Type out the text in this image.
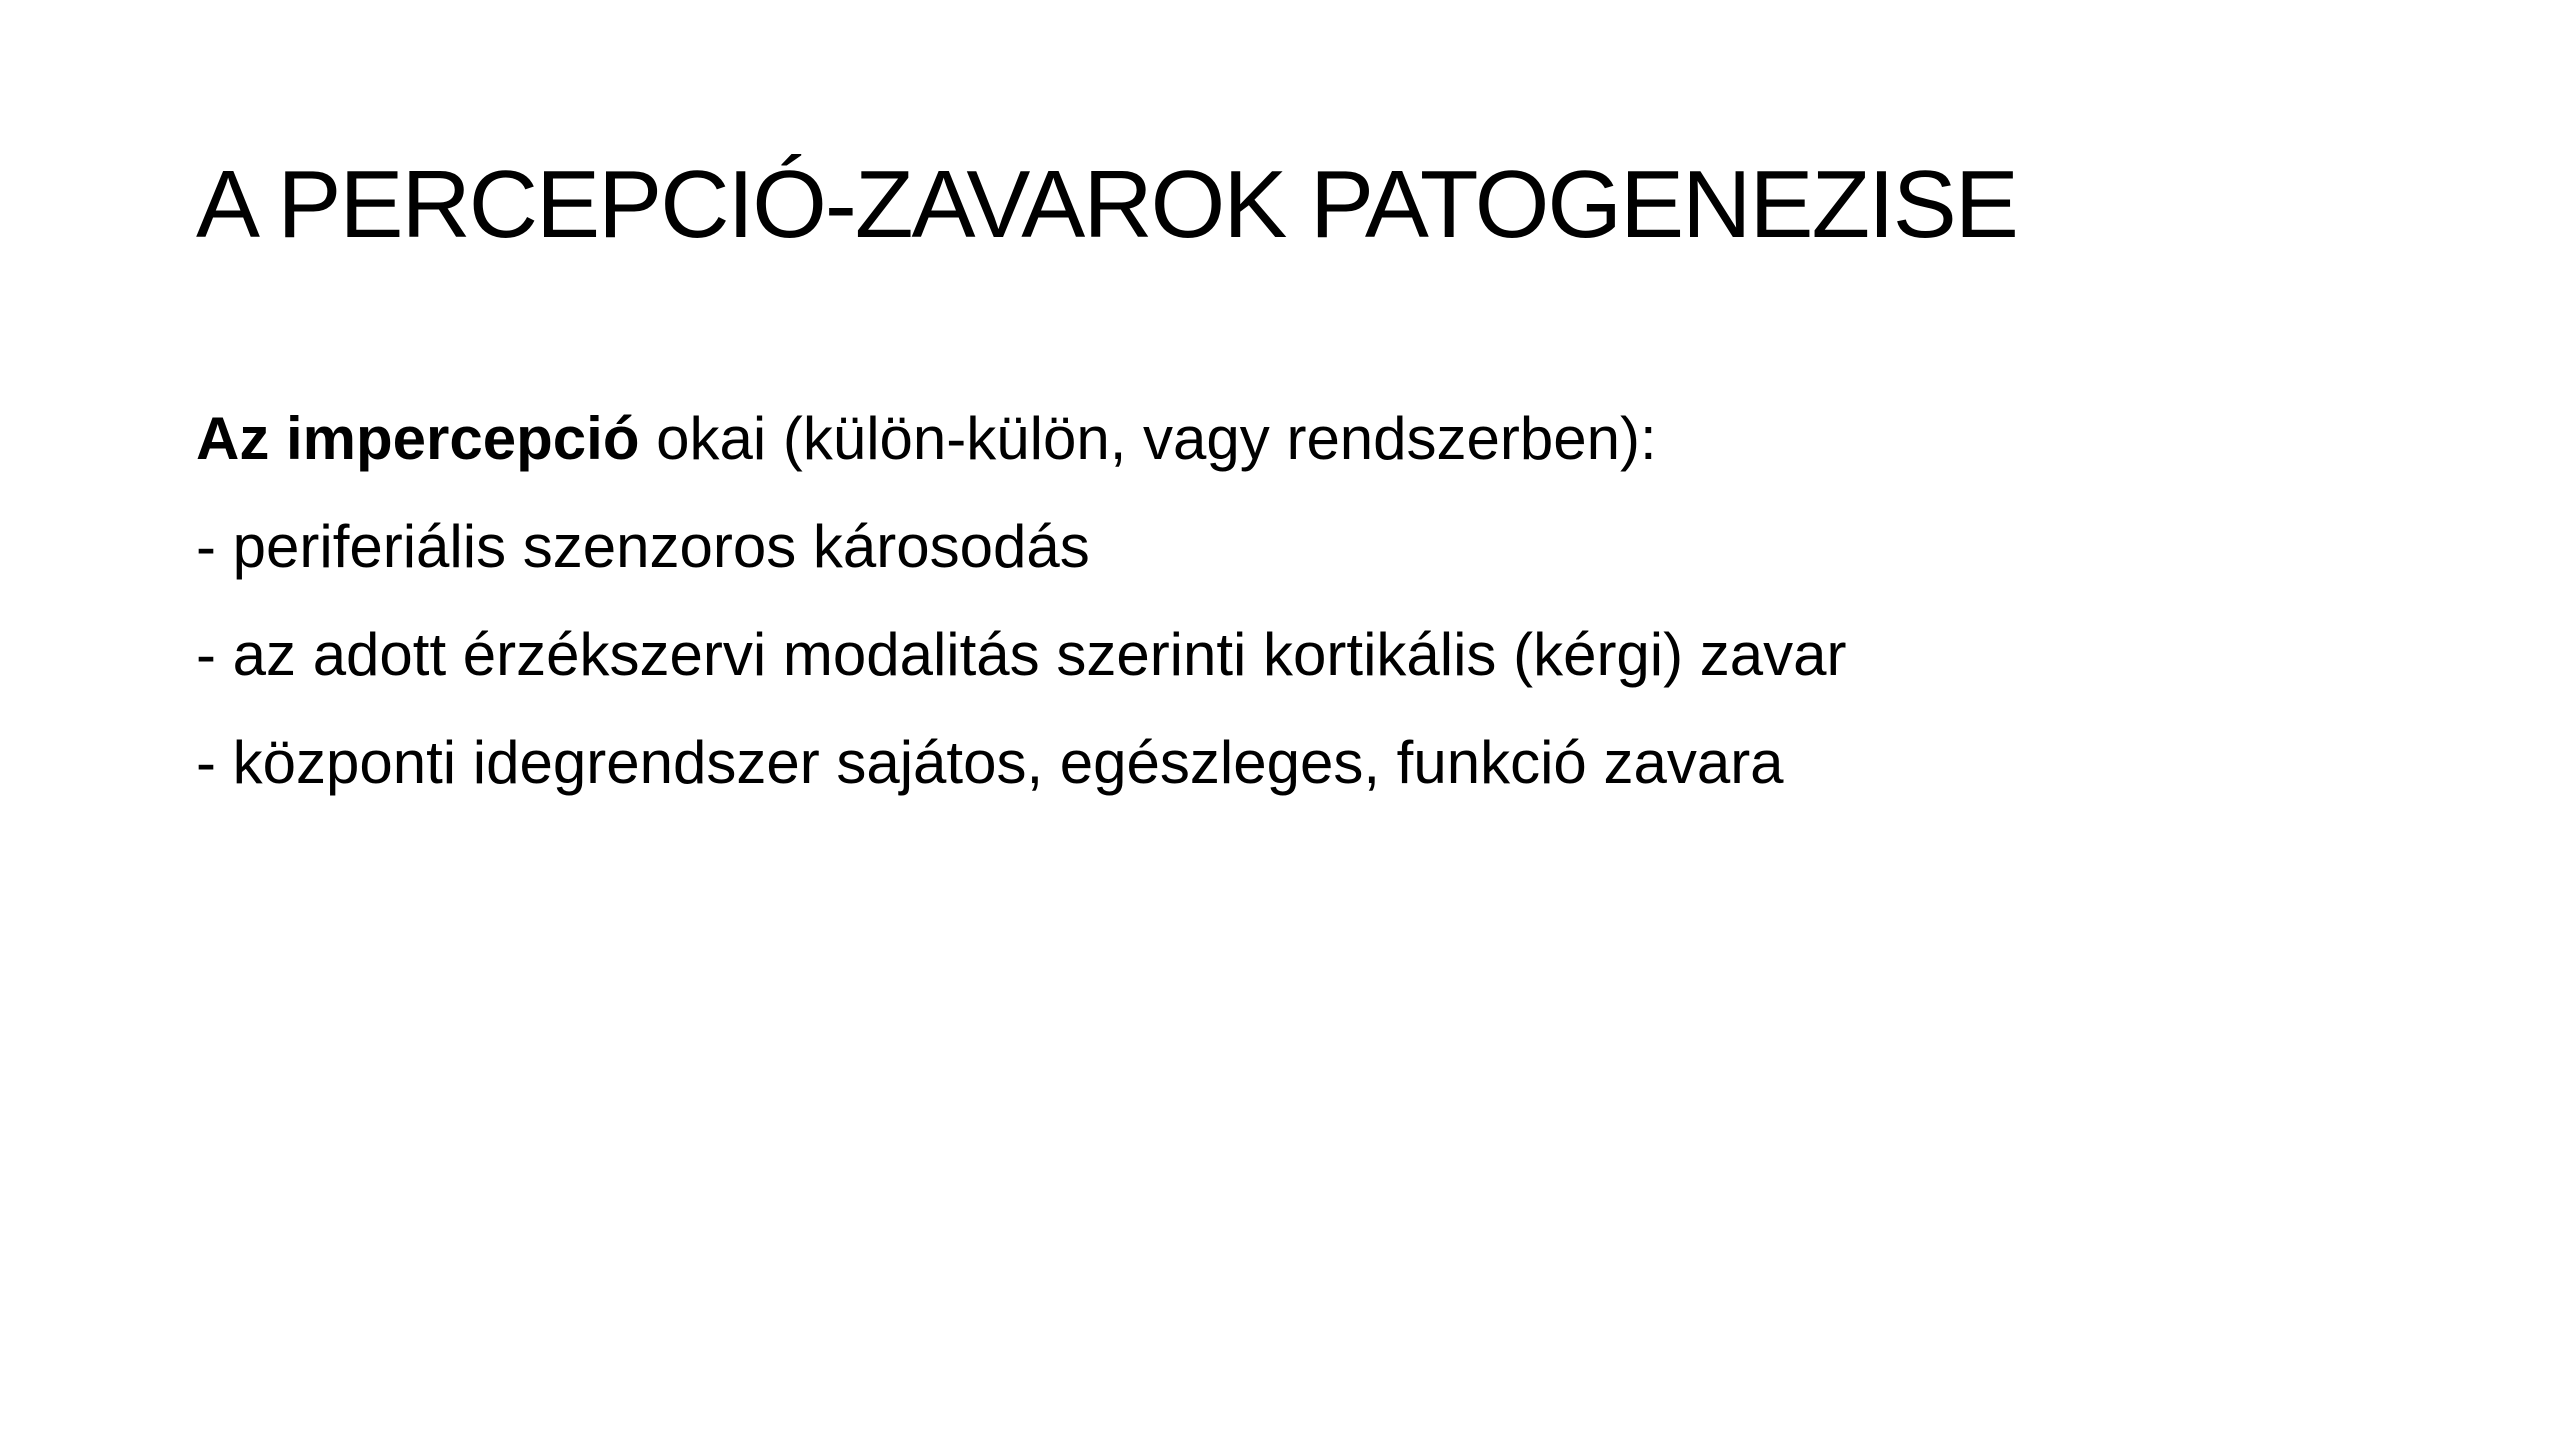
A PERCEPCIÓ-ZAVAROK PATOGENEZISE

Az impercepció okai (külön-külön, vagy rendszerben):

- periferiális szenzoros károsodás

- az adott érzékszervi modalitás szerinti kortikális (kérgi) zavar

- központi idegrendszer sajátos, egészleges, funkció zavara
